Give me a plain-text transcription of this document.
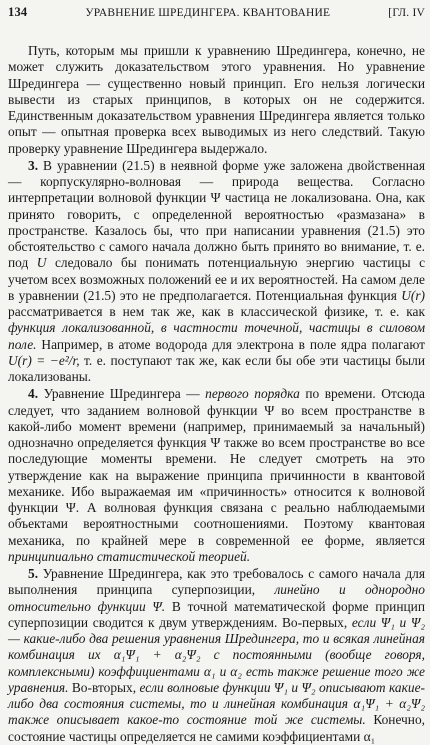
134	УРАВНЕНИЕ ШРЕДИНГЕРА. КВАНТОВАНИЕ	[ГЛ. IV

Путь, которым мы пришли к уравнению Шредингера, конечно, не может служить доказательством этого уравнения. Но уравнение Шредингера — существенно новый принцип. Его нельзя логически вывести из старых принципов, в которых он не содержится. Единственным доказательством уравнения Шредингера является только опыт — опытная проверка всех выводимых из него следствий. Такую проверку уравнение Шредингера выдержало.

3. В уравнении (21.5) в неявной форме уже заложена двойственная — корпускулярно-волновая — природа вещества. Согласно интерпретации волновой функции Ψ частица не локализована. Она, как принято говорить, с определенной вероятностью «размазана» в пространстве. Казалось бы, что при написании уравнения (21.5) это обстоятельство с самого начала должно быть принято во внимание, т. е. под U следовало бы понимать потенциальную энергию частицы с учетом всех возможных положений ее и их вероятностей. На самом деле в уравнении (21.5) это не предполагается. Потенциальная функция U(r) рассматривается в нем так же, как в классической физике, т. е. как функция локализованной, в частности точечной, частицы в силовом поле. Например, в атоме водорода для электрона в поле ядра полагают U(r) = −e²/r, т. е. поступают так же, как если бы обе эти частицы были локализованы.

4. Уравнение Шредингера — первого порядка по времени. Отсюда следует, что заданием волновой функции Ψ во всем пространстве в какой-либо момент времени (например, принимаемый за начальный) однозначно определяется функция Ψ также во всем пространстве во все последующие моменты времени. Не следует смотреть на это утверждение как на выражение принципа причинности в квантовой механике. Ибо выражаемая им «причинность» относится к волновой функции Ψ. А волновая функция связана с реально наблюдаемыми объектами вероятностными соотношениями. Поэтому квантовая механика, по крайней мере в современной ее форме, является принципиально статистической теорией.

5. Уравнение Шредингера, как это требовалось с самого начала для выполнения принципа суперпозиции, линейно и однородно относительно функции Ψ. В точной математической форме принцип суперпозиции сводится к двум утверждениям. Во-первых, если Ψ₁ и Ψ₂ — какие-либо два решения уравнения Шредингера, то и всякая линейная комбинация их α₁Ψ₁ + α₂Ψ₂ с постоянными (вообще говоря, комплексными) коэффициентами α₁ и α₂ есть также решение того же уравнения. Во-вторых, если волновые функции Ψ₁ и Ψ₂ описывают какие-либо два состояния системы, то и линейная комбинация α₁Ψ₁ + α₂Ψ₂ также описывает какое-то состояние той же системы. Конечно, состояние частицы определяется не самими коэффициентами α₁
